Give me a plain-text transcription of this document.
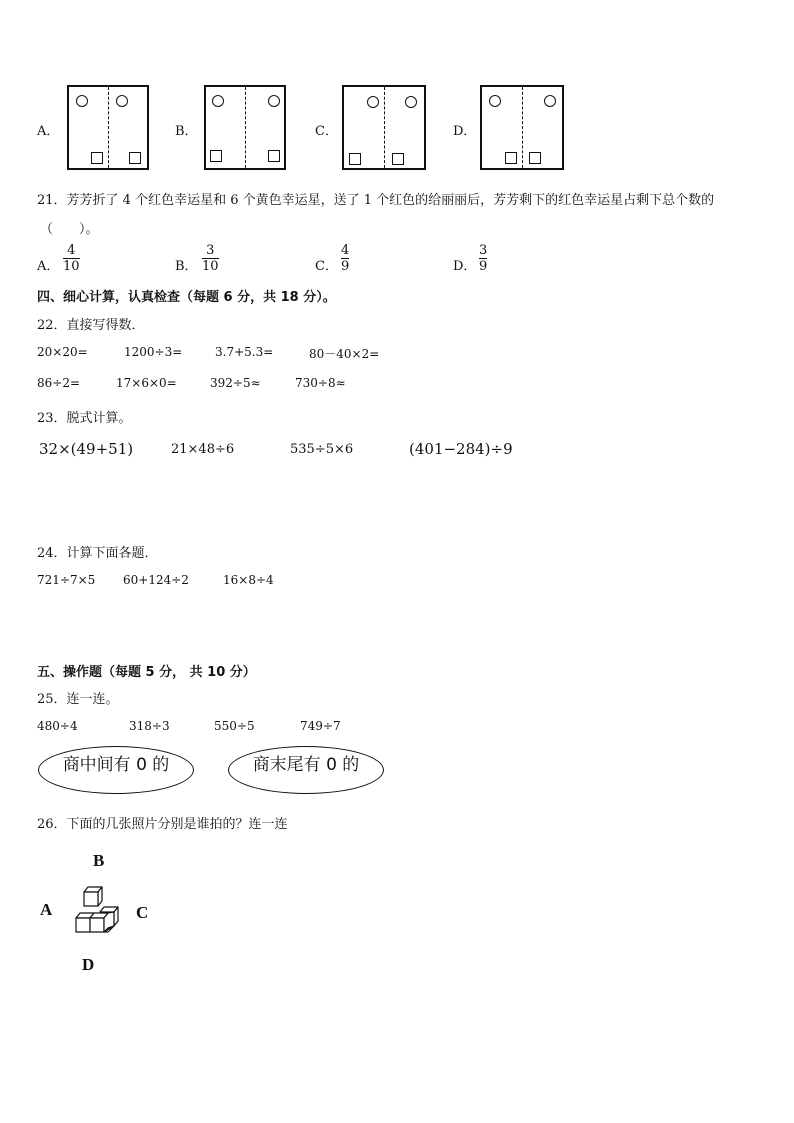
A．	B．	C．	D．
21．芳芳折了 4 个红色幸运星和 6 个黄色幸运星，送了 1 个红色的给丽丽后，芳芳剩下的红色幸运星占剩下总个数的
（　　）。
A．
4
10	B．
3
10	C．
4
9	D．
3
9
四、细心计算，认真检查（每题 6 分，共 18 分）。
22．直接写得数．
20×20=	1200÷3=	3.7+5.3=	80－40×2=
86÷2=	17×6×0=	392÷5≈	730÷8≈
23．脱式计算。
32×(49+51)	21×48÷6	535÷5×6	(401−284)÷9
24．计算下面各题．
721÷7×5 60+124÷2	16×8÷4
五、操作题（每题 5 分， 共 10 分）
25．连一连。
480÷4	318÷3	550÷5	749÷7
商中间有 0 的	商末尾有 0 的
26．下面的几张照片分别是谁拍的？连一连
B
A	C
D
